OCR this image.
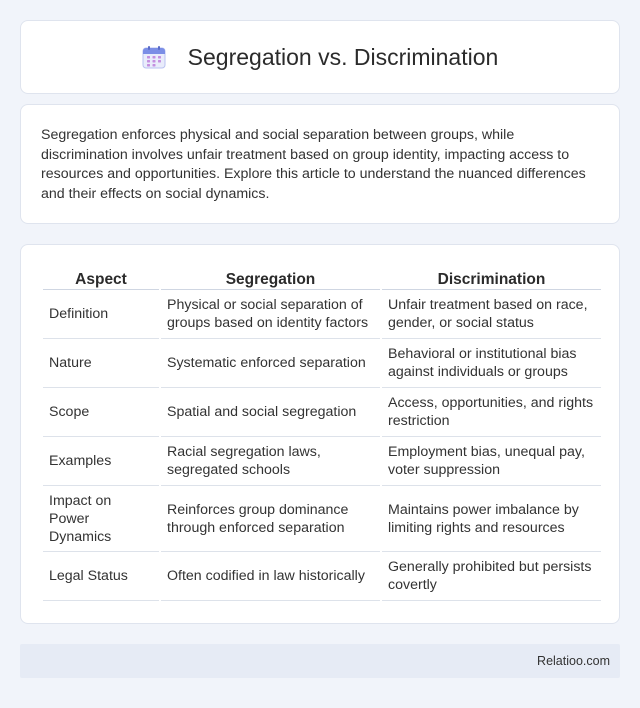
Segregation vs. Discrimination

Segregation enforces physical and social separation between groups, while discrimination involves unfair treatment based on group identity, impacting access to resources and opportunities. Explore this article to understand the nuanced differences and their effects on social dynamics.

Aspect	Segregation	Discrimination
Definition	Physical or social separation of groups based on identity factors	Unfair treatment based on race, gender, or social status
Nature	Systematic enforced separation	Behavioral or institutional bias against individuals or groups
Scope	Spatial and social segregation	Access, opportunities, and rights restriction
Examples	Racial segregation laws, segregated schools	Employment bias, unequal pay, voter suppression
Impact on Power Dynamics	Reinforces group dominance through enforced separation	Maintains power imbalance by limiting rights and resources
Legal Status	Often codified in law historically	Generally prohibited but persists covertly
Relatioo.com
